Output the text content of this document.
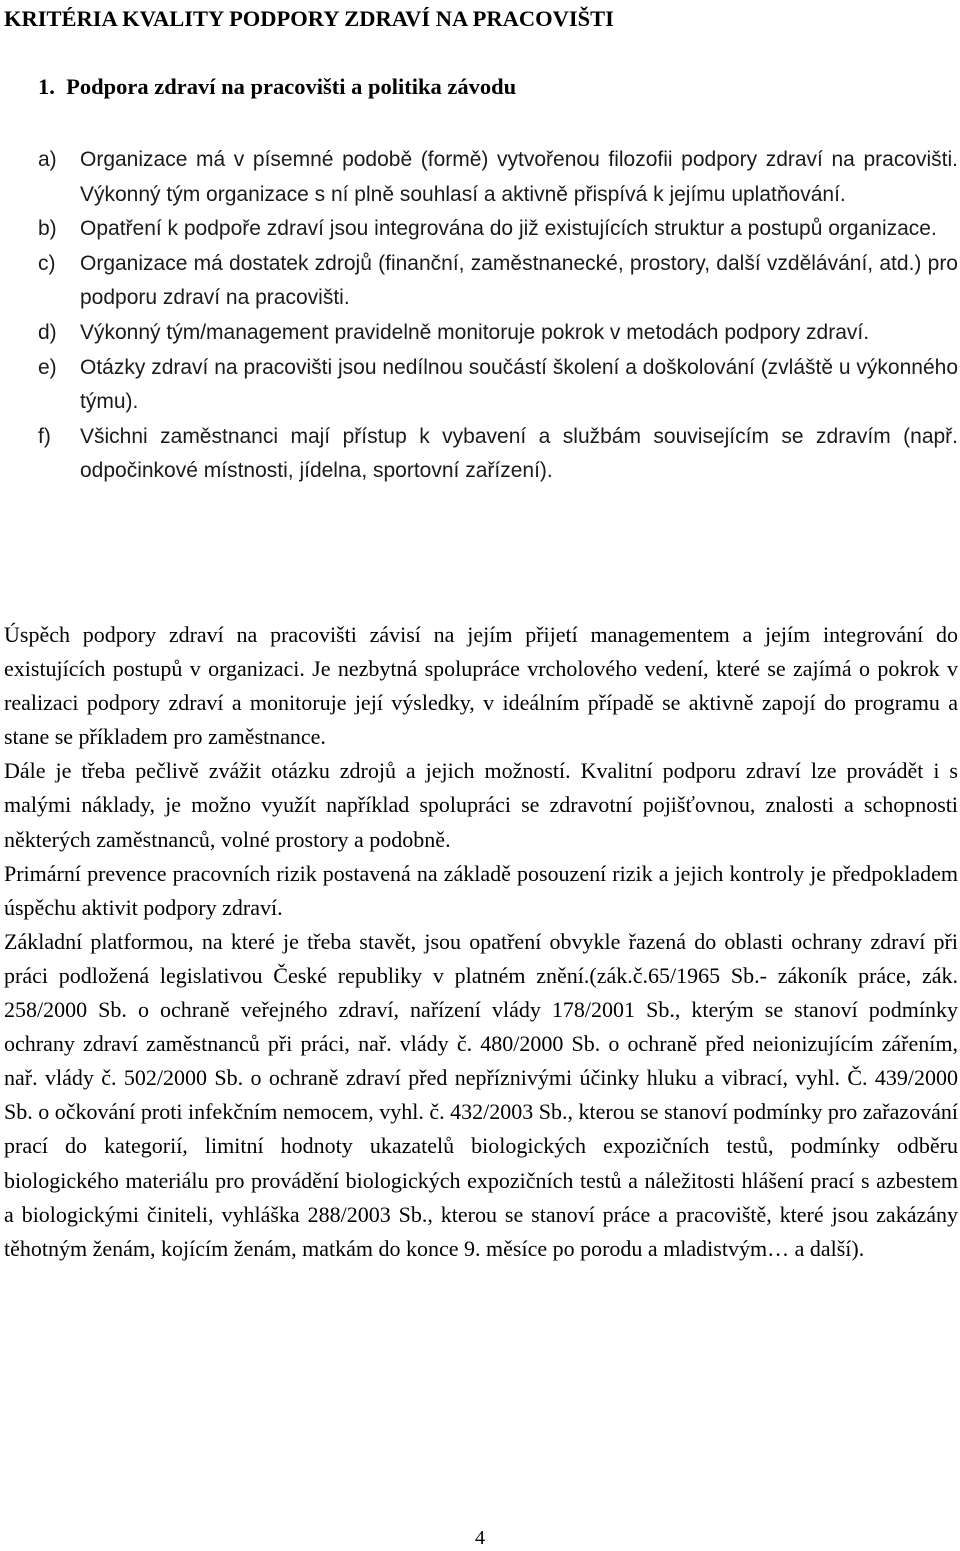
KRITÉRIA KVALITY PODPORY ZDRAVÍ NA PRACOVIŠTI
1. Podpora zdraví na pracovišti a politika závodu
a) Organizace má v písemné podobě (formě) vytvořenou filozofii podpory zdraví na pracovišti. Výkonný tým organizace s ní plně souhlasí a aktivně přispívá k jejímu uplatňování.
b) Opatření k podpoře zdraví jsou integrována do již existujících struktur a postupů organizace.
c) Organizace má dostatek zdrojů (finanční, zaměstnanecké, prostory, další vzdělávání, atd.) pro podporu zdraví na pracovišti.
d) Výkonný tým/management pravidelně monitoruje pokrok v metodách podpory zdraví.
e) Otázky zdraví na pracovišti jsou nedílnou součástí školení a doškolování (zvláště u výkonného týmu).
f) Všichni zaměstnanci mají přístup k vybavení a službám souvisejícím se zdravím (např. odpočinkové místnosti, jídelna, sportovní zařízení).

Úspěch podpory zdraví na pracovišti závisí na jejím přijetí managementem a jejím integrování do existujících postupů v organizaci. Je nezbytná spolupráce vrcholového vedení, které se zajímá o pokrok v realizaci podpory zdraví a monitoruje její výsledky, v ideálním případě se aktivně zapojí do programu a stane se příkladem pro zaměstnance.

Dále je třeba pečlivě zvážit otázku zdrojů a jejich možností. Kvalitní podporu zdraví lze provádět i s malými náklady, je možno využít například spolupráci se zdravotní pojišťovnou, znalosti a schopnosti některých zaměstnanců, volné prostory a podobně.

Primární prevence pracovních rizik postavená na základě posouzení rizik a jejich kontroly je předpokladem úspěchu aktivit podpory zdraví.

Základní platformou, na které je třeba stavět, jsou opatření obvykle řazená do oblasti ochrany zdraví při práci podložená legislativou České republiky v platném znění.(zák.č.65/1965 Sb.- zákoník práce, zák. 258/2000 Sb. o ochraně veřejného zdraví, nařízení vlády 178/2001 Sb., kterým se stanoví podmínky ochrany zdraví zaměstnanců při práci, nař. vlády č. 480/2000 Sb. o ochraně před neionizujícím zářením, nař. vlády č. 502/2000 Sb. o ochraně zdraví před nepříznivými účinky hluku a vibrací, vyhl. Č. 439/2000 Sb. o očkování proti infekčním nemocem, vyhl. č. 432/2003 Sb., kterou se stanoví podmínky pro zařazování prací do kategorií, limitní hodnoty ukazatelů biologických expozičních testů, podmínky odběru biologického materiálu pro provádění biologických expozičních testů a náležitosti hlášení prací s azbestem a biologickými činiteli, vyhláška 288/2003 Sb., kterou se stanoví práce a pracoviště, které jsou zakázány těhotným ženám, kojícím ženám, matkám do konce 9. měsíce po porodu a mladistvým… a další).

4
